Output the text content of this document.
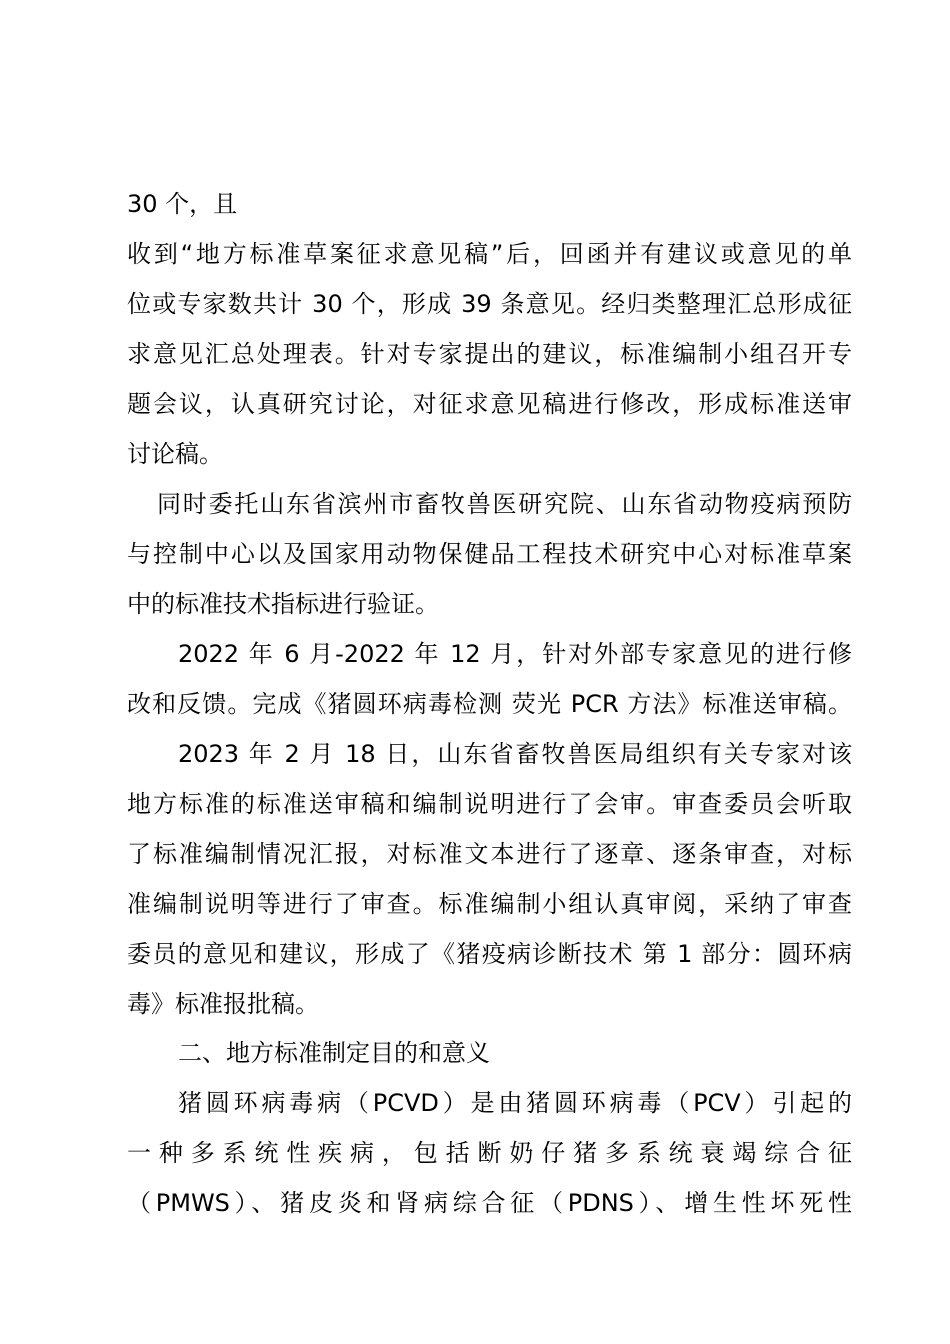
30 个，且
收到“地方标准草案征求意见稿”后，回函并有建议或意见的单
位或专家数共计 30 个，形成 39 条意见。经归类整理汇总形成征
求意见汇总处理表。针对专家提出的建议，标准编制小组召开专
题会议，认真研究讨论，对征求意见稿进行修改，形成标准送审
讨论稿。
同时委托山东省滨州市畜牧兽医研究院、山东省动物疫病预防
与控制中心以及国家用动物保健品工程技术研究中心对标准草案
中的标准技术指标进行验证。
2022 年 6 月-2022 年 12 月，针对外部专家意见的进行修
改和反馈。完成《猪圆环病毒检测 荧光 PCR 方法》标准送审稿。
2023 年 2 月 18 日，山东省畜牧兽医局组织有关专家对该
地方标准的标准送审稿和编制说明进行了会审。审查委员会听取
了标准编制情况汇报，对标准文本进行了逐章、逐条审查，对标
准编制说明等进行了审查。标准编制小组认真审阅，采纳了审查
委员的意见和建议，形成了《猪疫病诊断技术 第 1 部分：圆环病
毒》标准报批稿。
二、地方标准制定目的和意义
猪圆环病毒病（PCVD）是由猪圆环病毒（PCV）引起的
一种多系统性疾病，包括断奶仔猪多系统衰竭综合征
（PMWS）、猪皮炎和肾病综合征（PDNS）、增生性坏死性
